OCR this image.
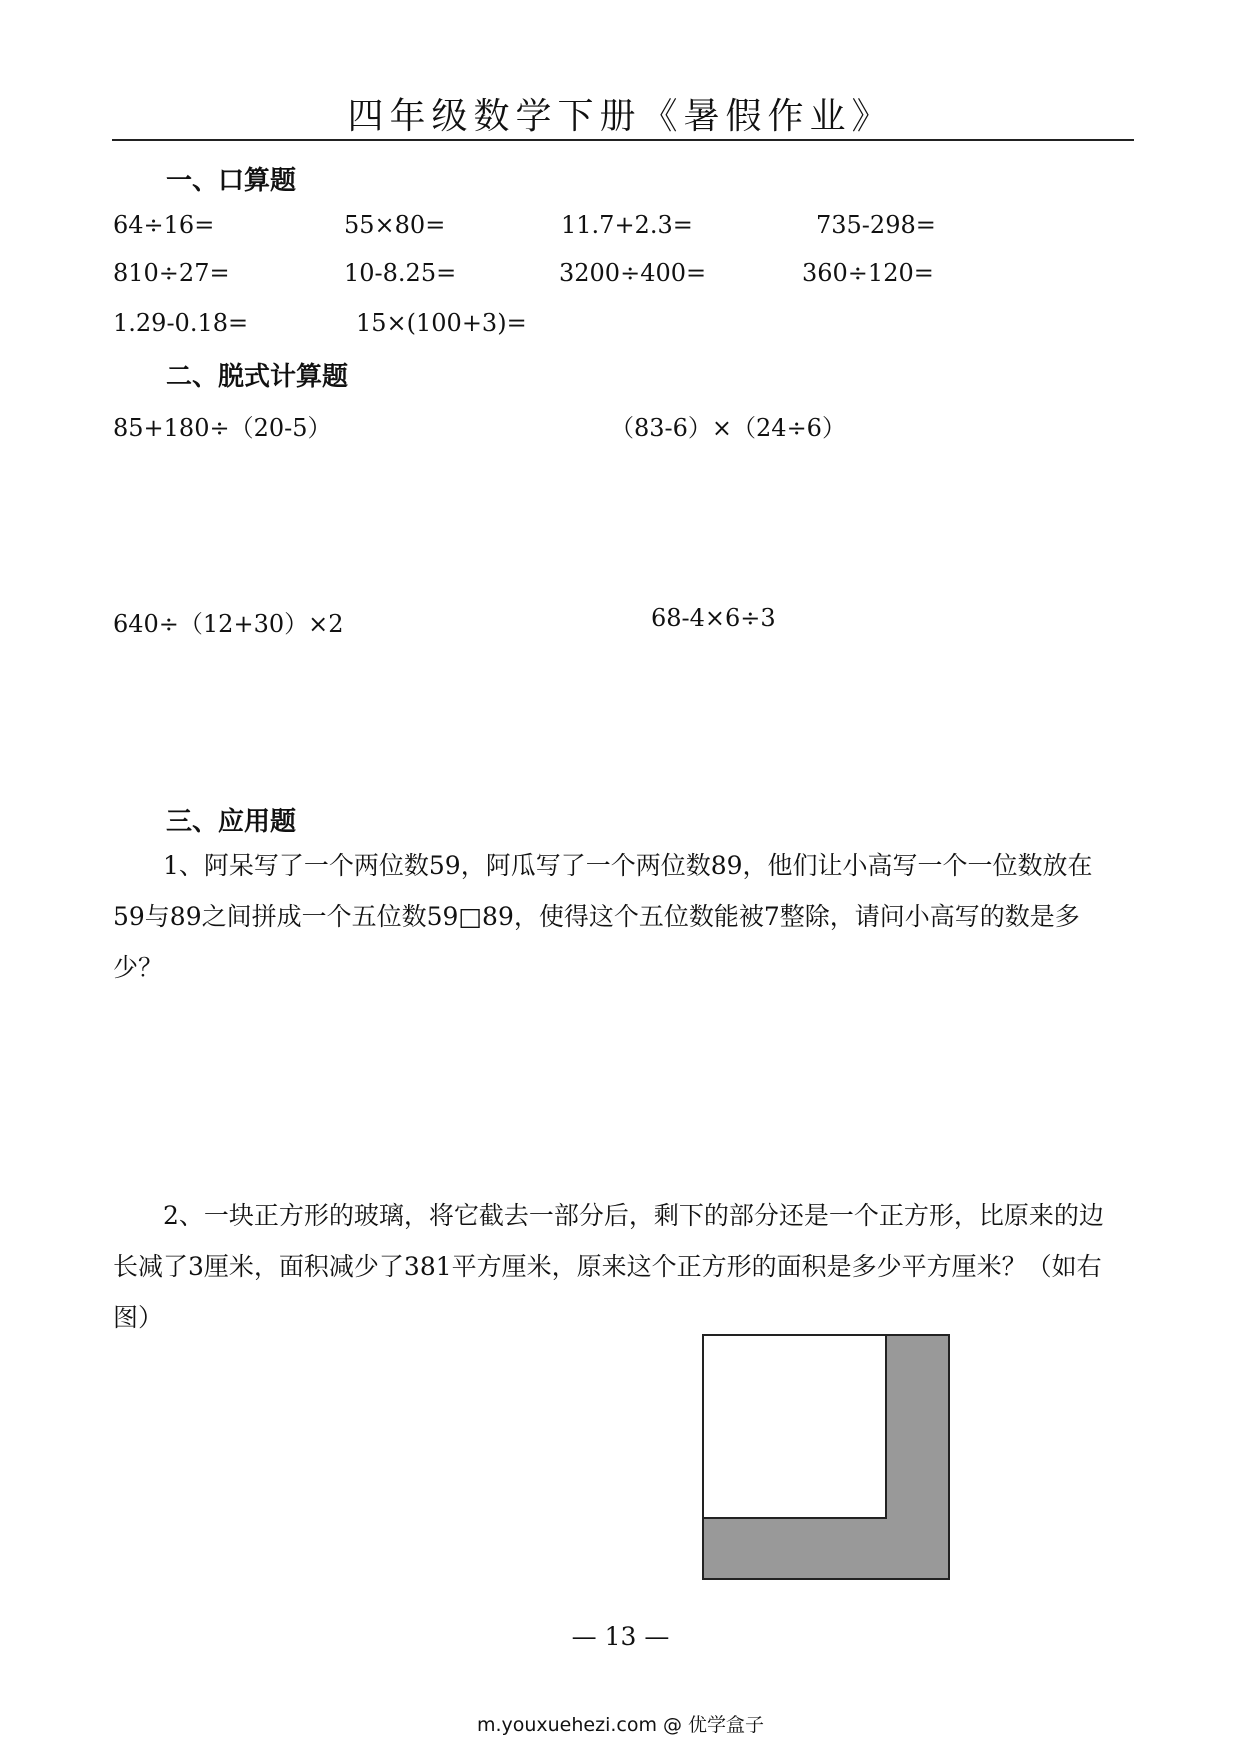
四年级数学下册《暑假作业》
一、口算题
64÷16=	55×80=	11.7+2.3=	735-298=
810÷27=	10-8.25=	3200÷400=	360÷120=
1.29-0.18=	15×(100+3)=
二、脱式计算题
85+180÷（20-5）	（83-6）×（24÷6）
640÷（12+30）×2	68-4×6÷3
三、应用题
1、阿呆写了一个两位数59，阿瓜写了一个两位数89，他们让小高写一个一位数放在59与89之间拼成一个五位数59□89，使得这个五位数能被7整除，请问小高写的数是多少？
2、一块正方形的玻璃，将它截去一部分后，剩下的部分还是一个正方形，比原来的边长减了3厘米，面积减少了381平方厘米，原来这个正方形的面积是多少平方厘米？（如右图）
— 13 —
m.youxuehezi.com @ 优学盒子
